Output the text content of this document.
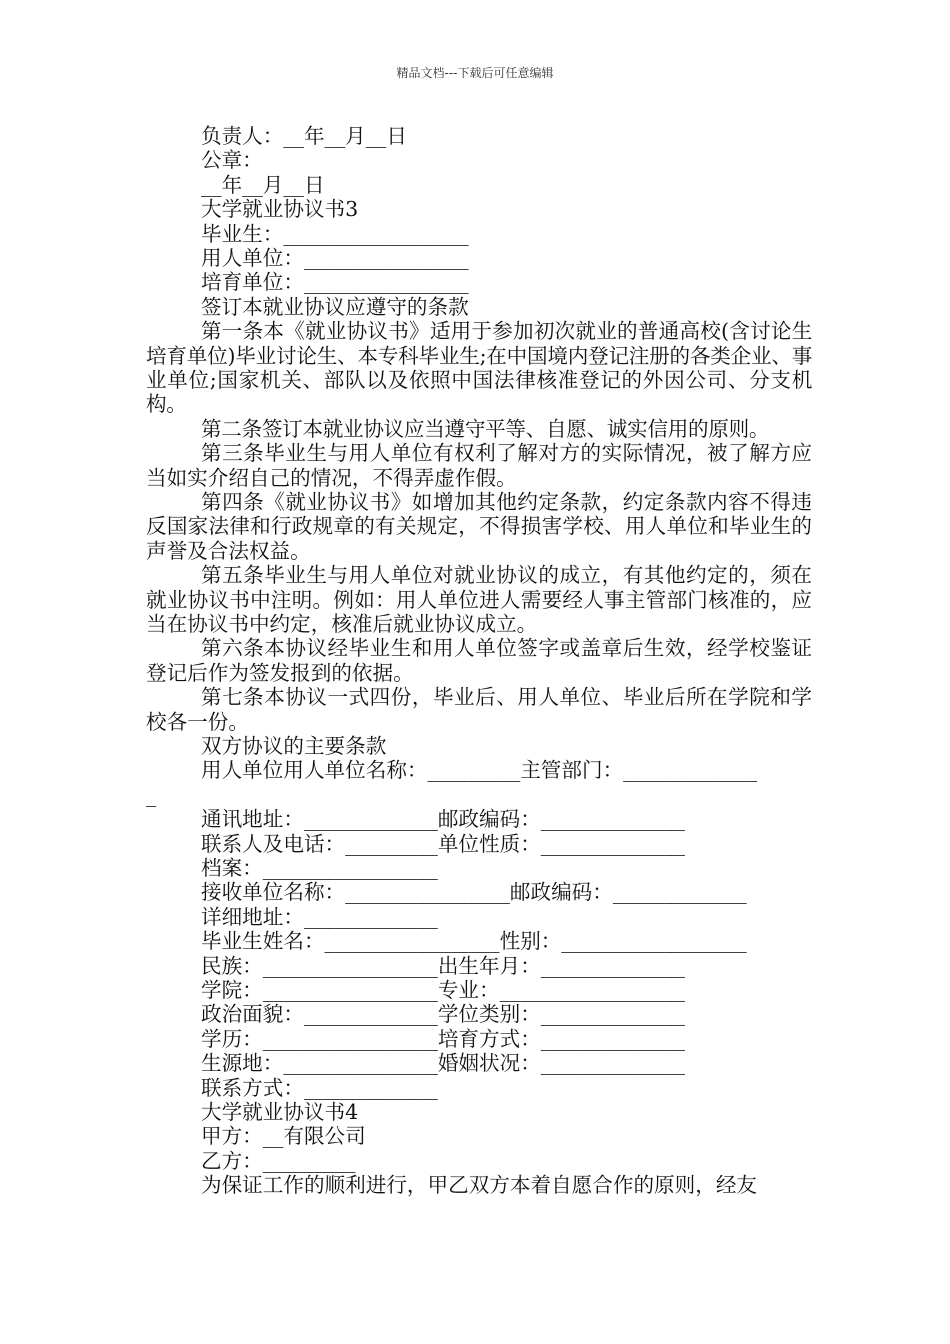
精品文档---下载后可任意编辑
负责人：__年__月__日
公章：
__年__月__日
大学就业协议书3
毕业生：__________________
用人单位：________________
培育单位：________________
签订本就业协议应遵守的条款

第一条本《就业协议书》适用于参加初次就业的普通高校(含讨论生培育单位)毕业讨论生、本专科毕业生;在中国境内登记注册的各类企业、事业单位;国家机关、部队以及依照中国法律核准登记的外因公司、分支机构。

第二条签订本就业协议应当遵守平等、自愿、诚实信用的原则。

第三条毕业生与用人单位有权利了解对方的实际情况，被了解方应当如实介绍自己的情况，不得弄虚作假。

第四条《就业协议书》如增加其他约定条款，约定条款内容不得违反国家法律和行政规章的有关规定，不得损害学校、用人单位和毕业生的声誉及合法权益。

第五条毕业生与用人单位对就业协议的成立，有其他约定的，须在就业协议书中注明。例如：用人单位进人需要经人事主管部门核准的，应当在协议书中约定，核准后就业协议成立。

第六条本协议经毕业生和用人单位签字或盖章后生效，经学校鉴证登记后作为签发报到的依据。

第七条本协议一式四份，毕业后、用人单位、毕业后所在学院和学校各一份。

双方协议的主要条款
用人单位用人单位名称：_________主管部门：_____________
_
通讯地址：_____________邮政编码：______________
联系人及电话：_________单位性质：______________
档案：_________________
接收单位名称：________________邮政编码：_____________
详细地址：_____________
毕业生姓名：_________________性别：__________________
民族：_________________出生年月：______________
学院：_________________专业：__________________
政治面貌：_____________学位类别：______________
学历：_________________培育方式：______________
生源地：_______________婚姻状况：______________
联系方式：_____________
大学就业协议书4
甲方：__有限公司
乙方：_________
为保证工作的顺利进行，甲乙双方本着自愿合作的原则，经友
